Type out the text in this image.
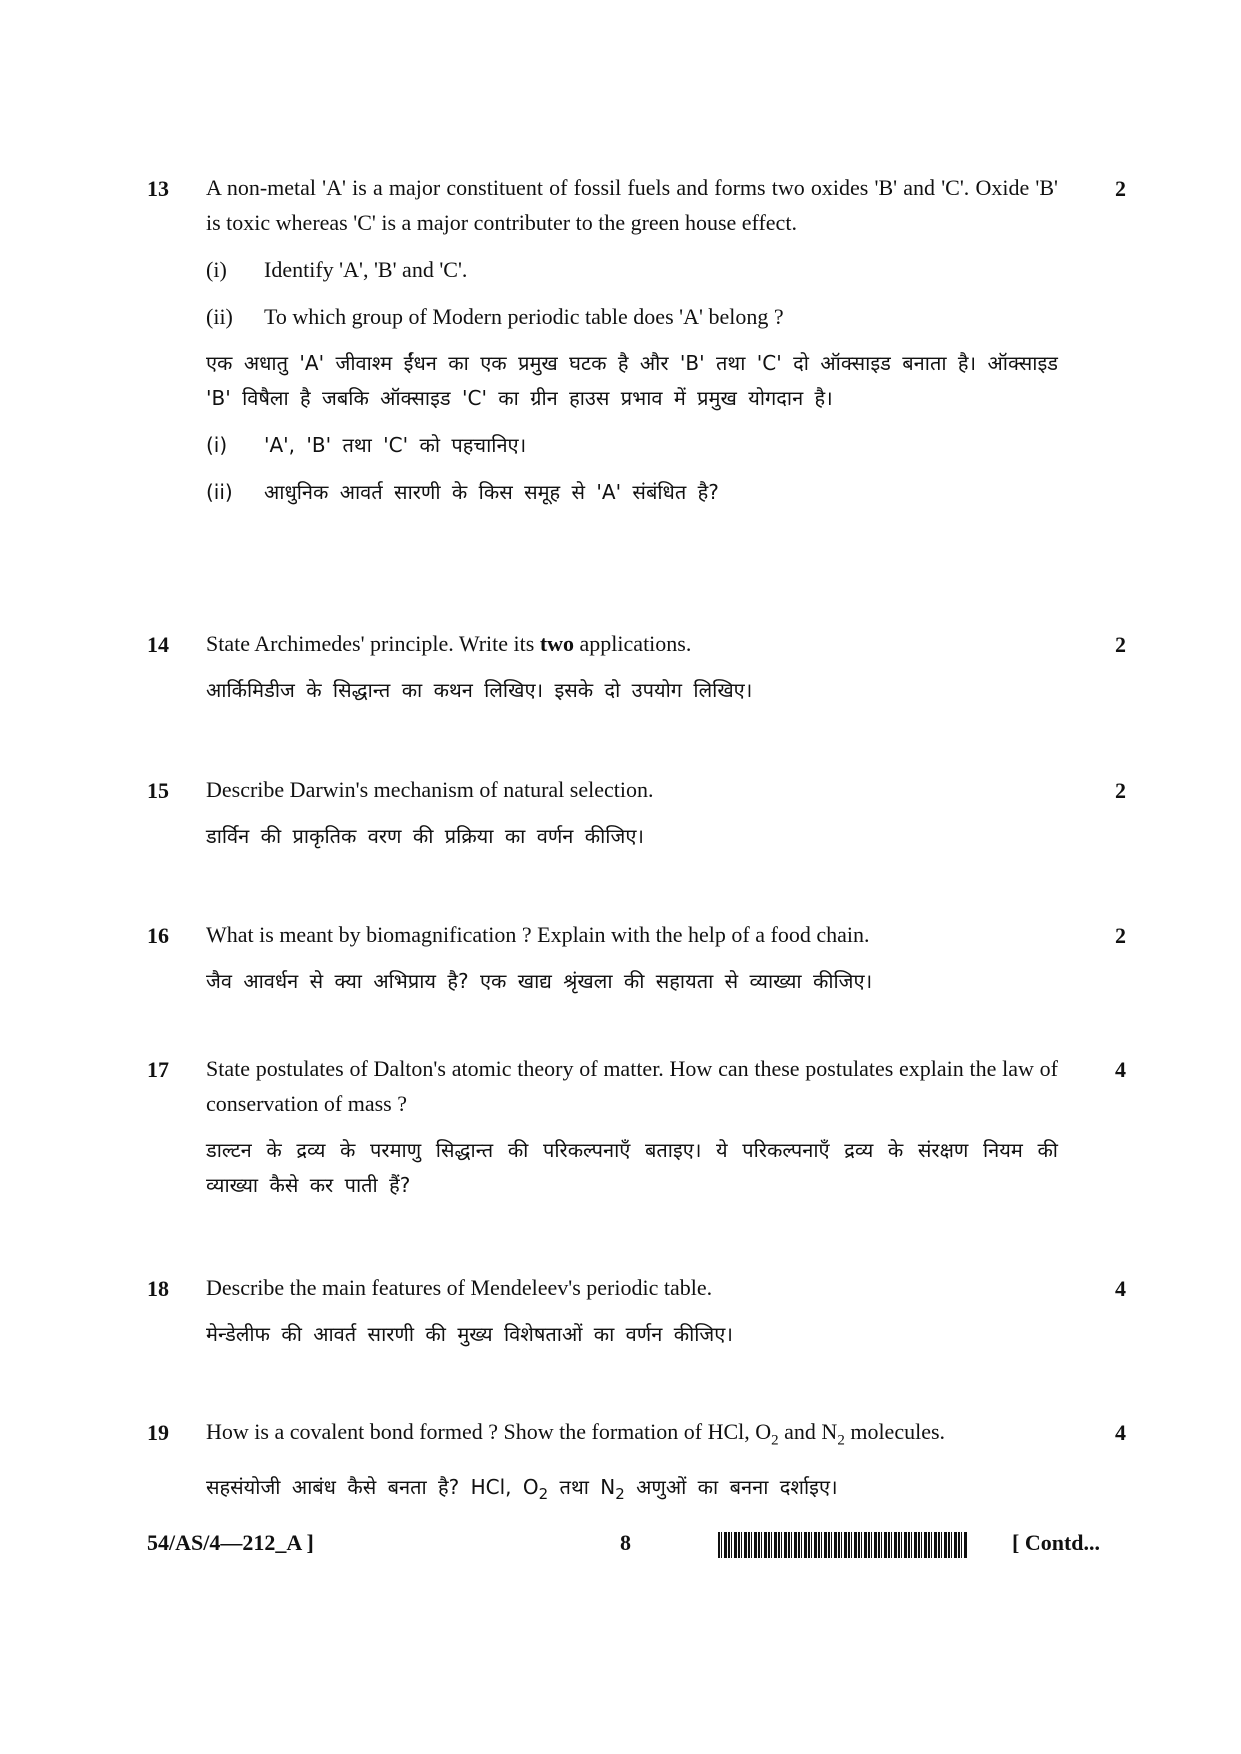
13 A non-metal 'A' is a major constituent of fossil fuels and forms two oxides 'B' and 'C'. Oxide 'B' is toxic whereas 'C' is a major contributer to the green house effect.

(i) Identify 'A', 'B' and 'C'.

(ii) To which group of Modern periodic table does 'A' belong ?

एक अधातु 'A' जीवाश्म ईंधन का एक प्रमुख घटक है और 'B' तथा 'C' दो ऑक्साइड बनाता है। ऑक्साइड 'B' विषैला है जबकि ऑक्साइड 'C' का ग्रीन हाउस प्रभाव में प्रमुख योगदान है।

(i) 'A', 'B' तथा 'C' को पहचानिए।

(ii) आधुनिक आवर्त सारणी के किस समूह से 'A' संबंधित है?

2
14 State Archimedes' principle. Write its two applications.

आर्किमिडीज के सिद्धान्त का कथन लिखिए। इसके दो उपयोग लिखिए।

2
15 Describe Darwin's mechanism of natural selection.

डार्विन की प्राकृतिक वरण की प्रक्रिया का वर्णन कीजिए।

2
16 What is meant by biomagnification ? Explain with the help of a food chain.

जैव आवर्धन से क्या अभिप्राय है? एक खाद्य श्रृंखला की सहायता से व्याख्या कीजिए।

2
17 State postulates of Dalton's atomic theory of matter. How can these postulates explain the law of conservation of mass ?

डाल्टन के द्रव्य के परमाणु सिद्धान्त की परिकल्पनाएँ बताइए। ये परिकल्पनाएँ द्रव्य के संरक्षण नियम की व्याख्या कैसे कर पाती हैं?

4
18 Describe the main features of Mendeleev's periodic table.

मेन्डेलीफ की आवर्त सारणी की मुख्य विशेषताओं का वर्णन कीजिए।

4
19 How is a covalent bond formed ? Show the formation of HCl, $O_2$ and $N_2$ molecules.

सहसंयोजी आबंध कैसे बनता है? HCl, $O_2$ तथा $N_2$ अणुओं का बनना दर्शाइए।

4
54/AS/4—212_A ]	8	[ Contd...
